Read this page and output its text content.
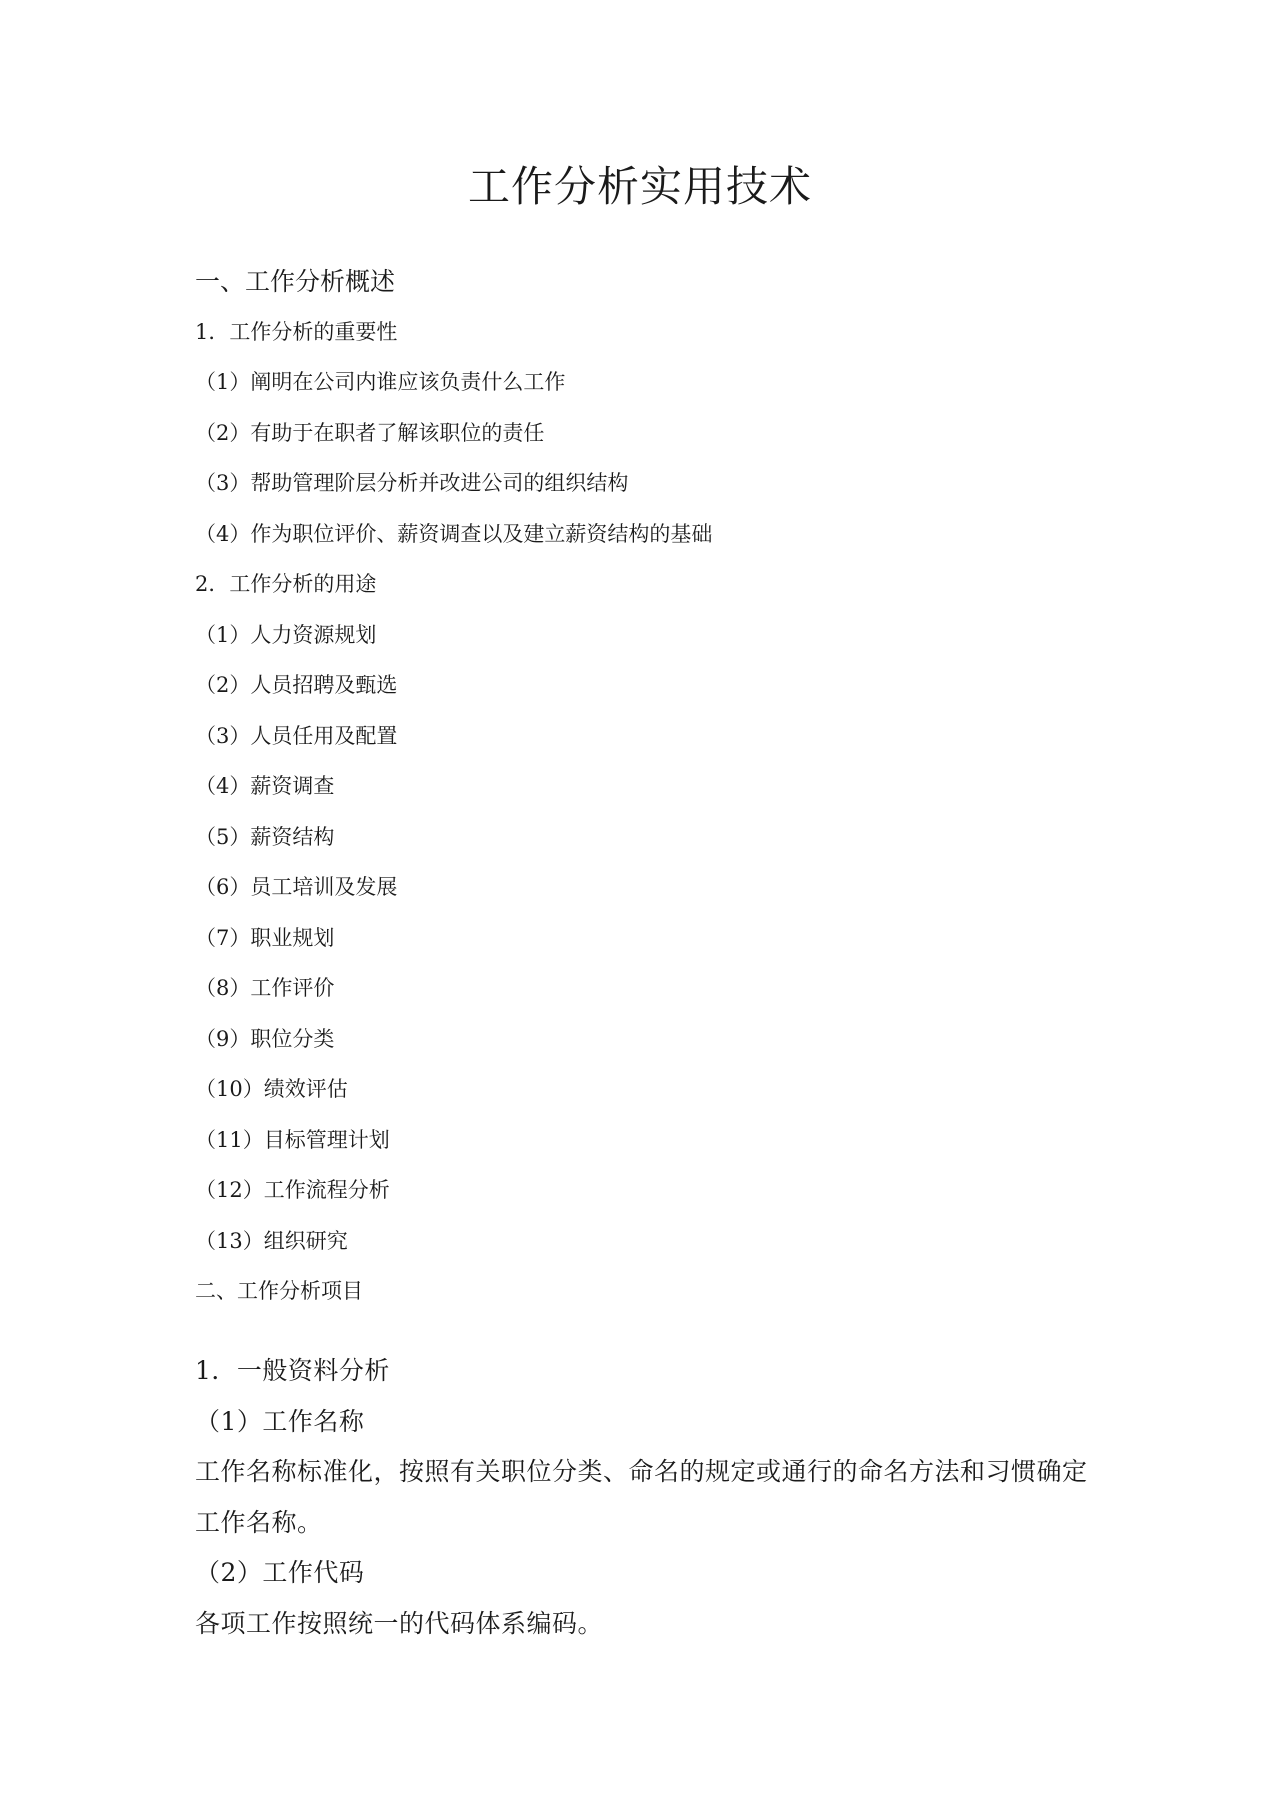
工作分析实用技术
一、工作分析概述
1．工作分析的重要性
（1）阐明在公司内谁应该负责什么工作
（2）有助于在职者了解该职位的责任
（3）帮助管理阶层分析并改进公司的组织结构
（4）作为职位评价、薪资调查以及建立薪资结构的基础
2．工作分析的用途
（1）人力资源规划
（2）人员招聘及甄选
（3）人员任用及配置
（4）薪资调查
（5）薪资结构
（6）员工培训及发展
（7）职业规划
（8）工作评价
（9）职位分类
（10）绩效评估
（11）目标管理计划
（12）工作流程分析
（13）组织研究
二、工作分析项目
1．一般资料分析
（1）工作名称
工作名称标准化，按照有关职位分类、命名的规定或通行的命名方法和习惯确定
工作名称。
（2）工作代码
各项工作按照统一的代码体系编码。
